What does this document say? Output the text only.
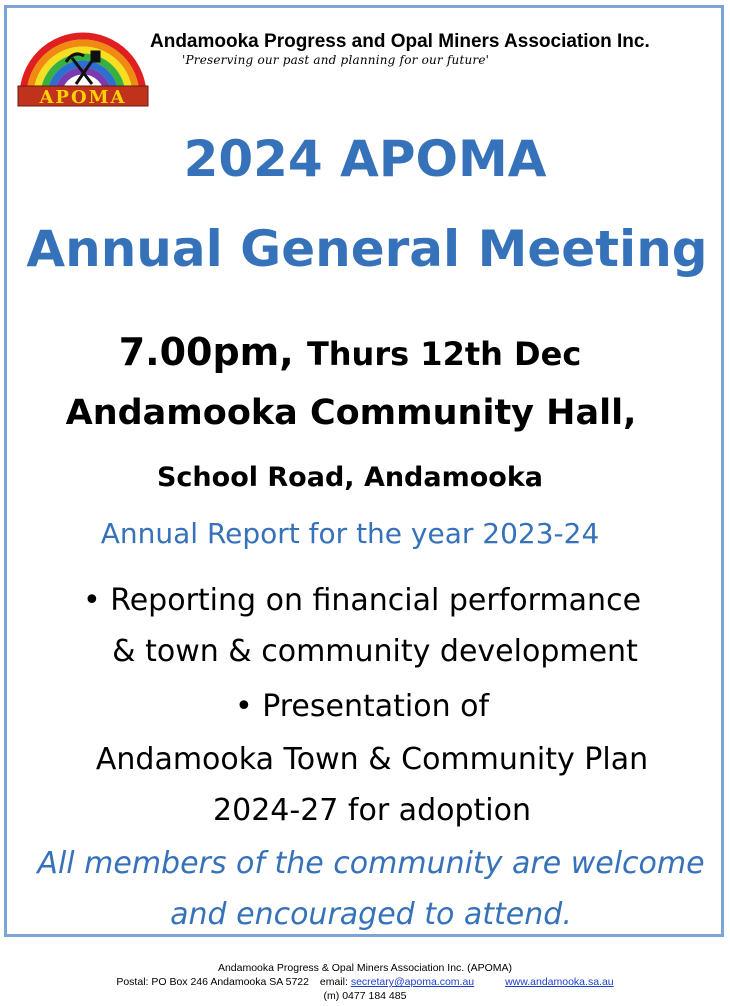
APOMA
Andamooka Progress and Opal Miners Association Inc.
'Preserving our past and planning for our future'
2024 APOMA
Annual General Meeting
7.00pm, Thurs 12th Dec
Andamooka Community Hall,
School Road, Andamooka
Annual Report for the year 2023-24
• Reporting on financial performance
& town & community development
• Presentation of
Andamooka Town & Community Plan
2024-27 for adoption
All members of the community are welcome
and encouraged to attend.
Andamooka Progress & Opal Miners Association Inc. (APOMA)
Postal: PO Box 246 Andamooka SA 5722 email: secretary@apoma.com.au	www.andamooka.sa.au
(m) 0477 184 485
